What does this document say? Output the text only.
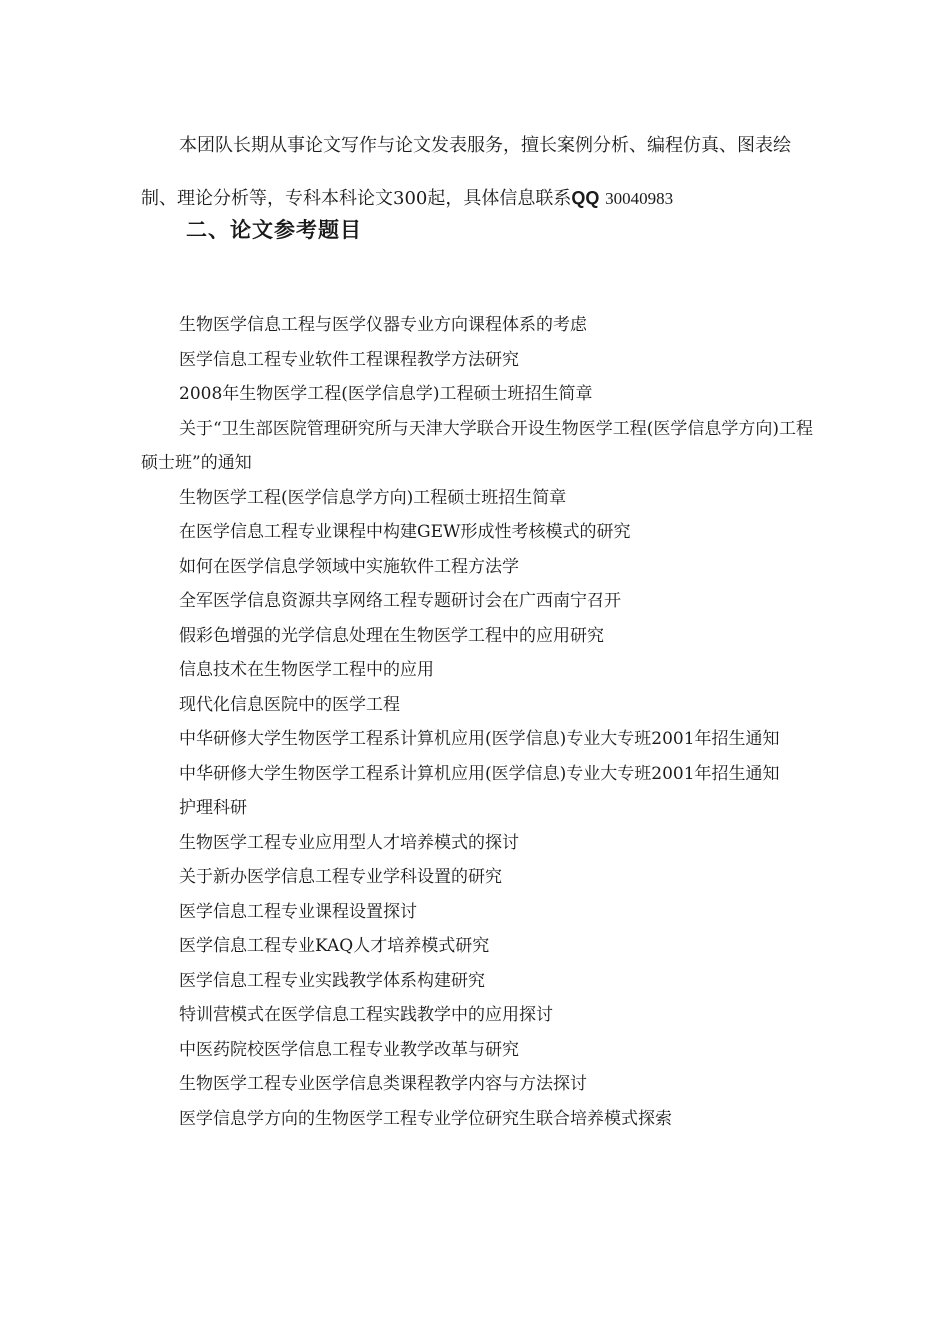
本团队长期从事论文写作与论文发表服务，擅长案例分析、编程仿真、图表绘制、理论分析等，专科本科论文300起，具体信息联系QQ 30040983

二、论文参考题目
生物医学信息工程与医学仪器专业方向课程体系的考虑
医学信息工程专业软件工程课程教学方法研究
2008年生物医学工程(医学信息学)工程硕士班招生简章
关于“卫生部医院管理研究所与天津大学联合开设生物医学工程(医学信息学方向)工程硕士班”的通知
生物医学工程(医学信息学方向)工程硕士班招生简章
在医学信息工程专业课程中构建GEW形成性考核模式的研究
如何在医学信息学领域中实施软件工程方法学
全军医学信息资源共享网络工程专题研讨会在广西南宁召开
假彩色增强的光学信息处理在生物医学工程中的应用研究
信息技术在生物医学工程中的应用
现代化信息医院中的医学工程
中华研修大学生物医学工程系计算机应用(医学信息)专业大专班2001年招生通知
中华研修大学生物医学工程系计算机应用(医学信息)专业大专班2001年招生通知
护理科研
生物医学工程专业应用型人才培养模式的探讨
关于新办医学信息工程专业学科设置的研究
医学信息工程专业课程设置探讨
医学信息工程专业KAQ人才培养模式研究
医学信息工程专业实践教学体系构建研究
特训营模式在医学信息工程实践教学中的应用探讨
中医药院校医学信息工程专业教学改革与研究
生物医学工程专业医学信息类课程教学内容与方法探讨
医学信息学方向的生物医学工程专业学位研究生联合培养模式探索
